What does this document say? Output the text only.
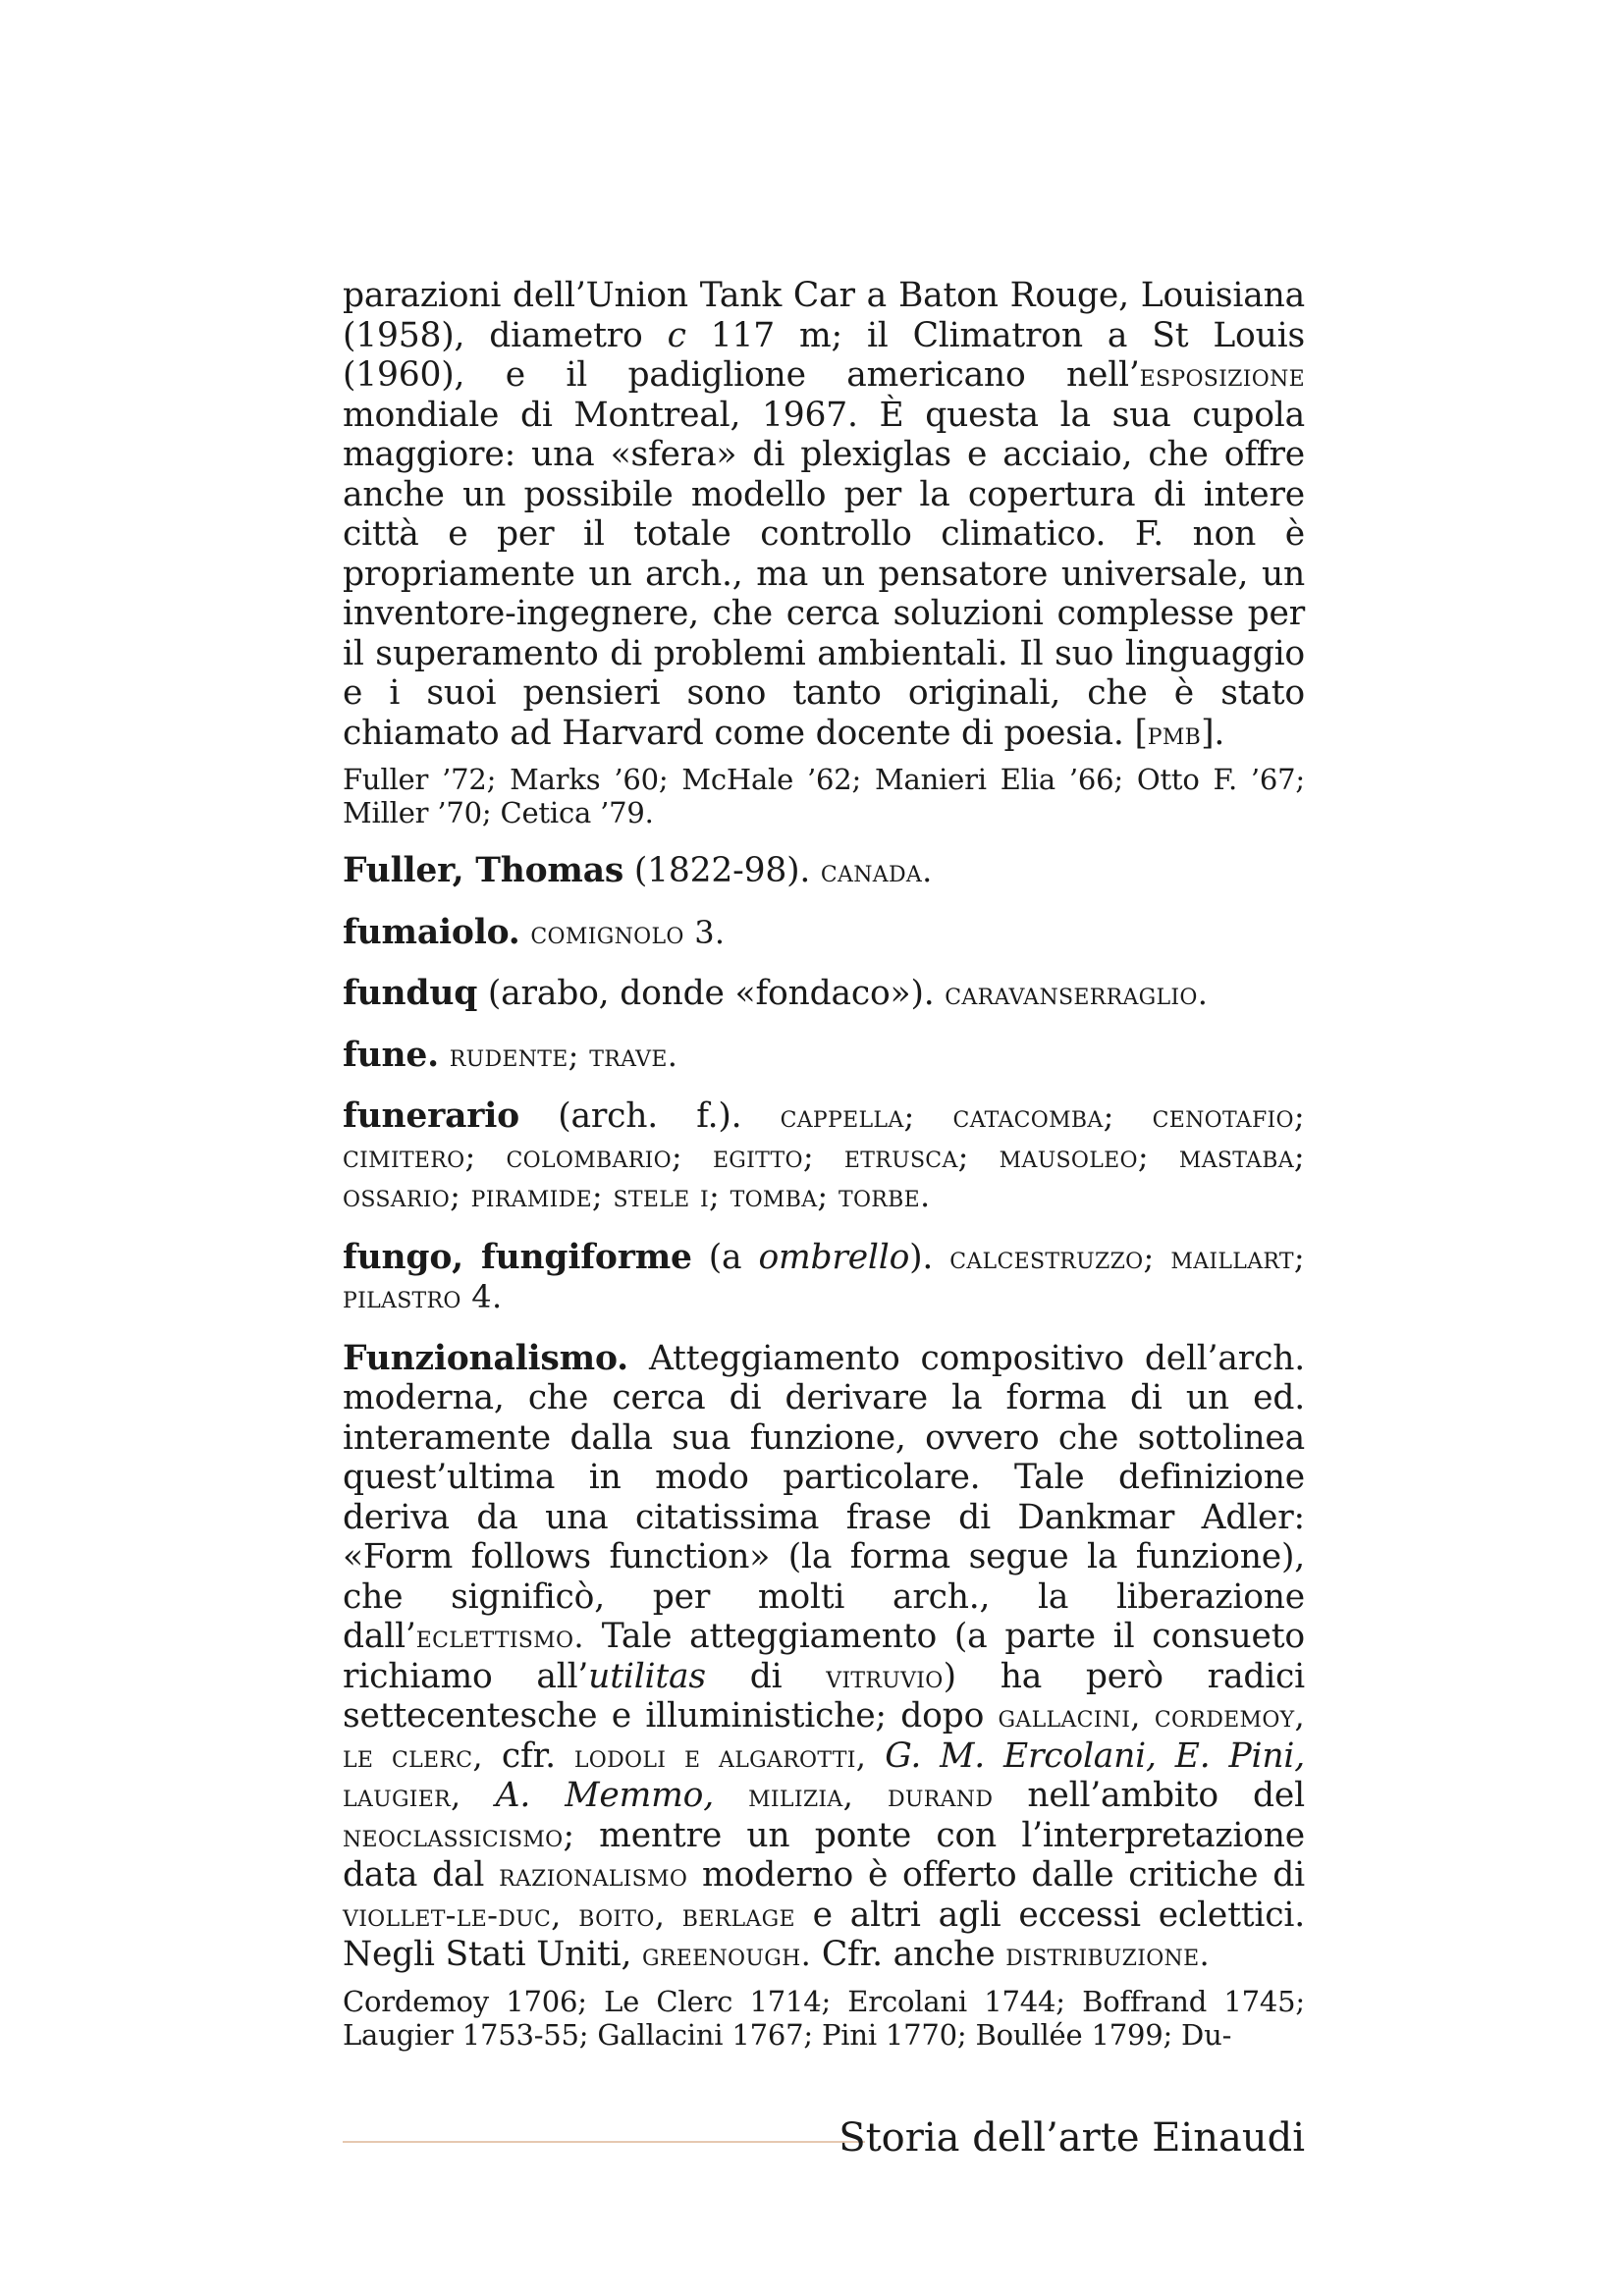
parazioni dell’Union Tank Car a Baton Rouge, Louisiana (1958), diametro c 117 m; il Climatron a St Louis (1960), e il padiglione americano nell’esposizione mondiale di Montreal, 1967. È questa la sua cupola maggiore: una «sfera» di plexiglas e acciaio, che offre anche un possibile modello per la copertura di intere città e per il totale controllo climatico. F. non è propriamente un arch., ma un pensatore universale, un inventore-ingegnere, che cerca soluzioni complesse per il superamento di problemi ambientali. Il suo linguaggio e i suoi pensieri sono tanto originali, che è stato chiamato ad Harvard come docente di poesia. [pmb].

Fuller ’72; Marks ’60; McHale ’62; Manieri Elia ’66; Otto F. ’67; Miller ’70; Cetica ’79.

Fuller, Thomas (1822-98). canada.

fumaiolo. comignolo 3.

funduq (arabo, donde «fondaco»). caravanserraglio.

fune. rudente; trave.

funerario (arch. f.). cappella; catacomba; cenotafio; cimitero; colombario; egitto; etrusca; mausoleo; mastaba; ossario; piramide; stele i; tomba; torbe.

fungo, fungiforme (a ombrello). calcestruzzo; maillart; pilastro 4.

Funzionalismo. Atteggiamento compositivo dell’arch. moderna, che cerca di derivare la forma di un ed. interamente dalla sua funzione, ovvero che sottolinea quest’ultima in modo particolare. Tale definizione deriva da una citatissima frase di Dankmar Adler: «Form follows function» (la forma segue la funzione), che significò, per molti arch., la liberazione dall’eclettismo. Tale atteggiamento (a parte il consueto richiamo all’utilitas di vitruvio) ha però radici settecentesche e illuministiche; dopo gallacini, cordemoy, le clerc, cfr. lodoli e algarotti, G. M. Ercolani, E. Pini, laugier, A. Memmo, milizia, durand nell’ambito del neoclassicismo; mentre un ponte con l’interpretazione data dal razionalismo moderno è offerto dalle critiche di viollet-le-duc, boito, berlage e altri agli eccessi eclettici. Negli Stati Uniti, greenough. Cfr. anche distribuzione.

Cordemoy 1706; Le Clerc 1714; Ercolani 1744; Boffrand 1745; Laugier 1753-55; Gallacini 1767; Pini 1770; Boullée 1799; Du-

Storia dell’arte Einaudi
